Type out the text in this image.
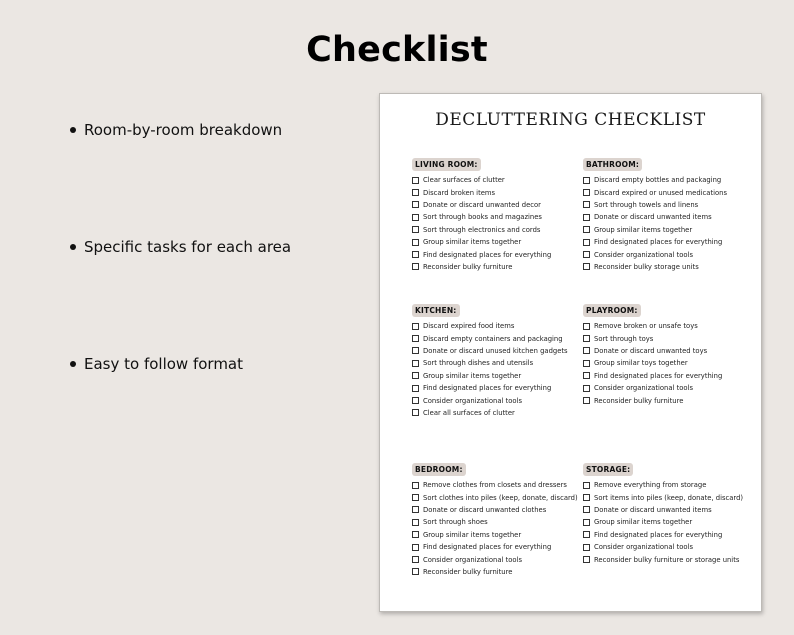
Checklist
Room-by-room breakdown
Specific tasks for each area
Easy to follow format
DECLUTTERING CHECKLIST
LIVING ROOM:
Clear surfaces of clutter
Discard broken items
Donate or discard unwanted decor
Sort through books and magazines
Sort through electronics and cords
Group similar items together
Find designated places for everything
Reconsider bulky furniture
BATHROOM:
Discard empty bottles and packaging
Discard expired or unused medications
Sort through towels and linens
Donate or discard unwanted items
Group similar items together
Find designated places for everything
Consider organizational tools
Reconsider bulky storage units
KITCHEN:
Discard expired food items
Discard empty containers and packaging
Donate or discard unused kitchen gadgets
Sort through dishes and utensils
Group similar items together
Find designated places for everything
Consider organizational tools
Clear all surfaces of clutter
PLAYROOM:
Remove broken or unsafe toys
Sort through toys
Donate or discard unwanted toys
Group similar toys together
Find designated places for everything
Consider organizational tools
Reconsider bulky furniture
BEDROOM:
Remove clothes from closets and dressers
Sort clothes into piles (keep, donate, discard)
Donate or discard unwanted clothes
Sort through shoes
Group similar items together
Find designated places for everything
Consider organizational tools
Reconsider bulky furniture
STORAGE:
Remove everything from storage
Sort items into piles (keep, donate, discard)
Donate or discard unwanted items
Group similar items together
Find designated places for everything
Consider organizational tools
Reconsider bulky furniture or storage units
